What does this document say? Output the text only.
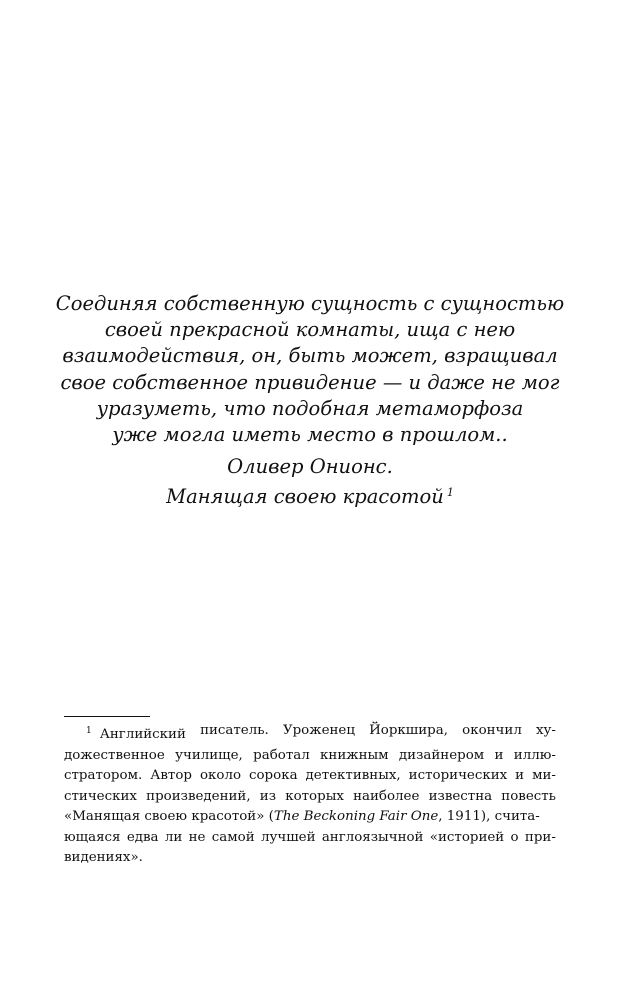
Соединяя собственную сущность с сущностью
своей прекрасной комнаты, ища с нею
взаимодействия, он, быть может, взращивал
свое собственное привидение — и даже не мог
уразуметь, что подобная метаморфоза
уже могла иметь место в прошлом..
Оливер Онионс.
Манящая своею красотой $^1$
$^1$ Английский писатель. Уроженец Йоркшира, окончил ху-
дожественное училище, работал книжным дизайнером и иллю-
стратором. Автор около сорока детективных, исторических и ми-
стических произведений, из которых наиболее известна повесть
«Манящая своею красотой» ( The Beckoning Fair One , 1911), счита-
ющаяся едва ли не самой лучшей англоязычной «историей о при-
видениях».
